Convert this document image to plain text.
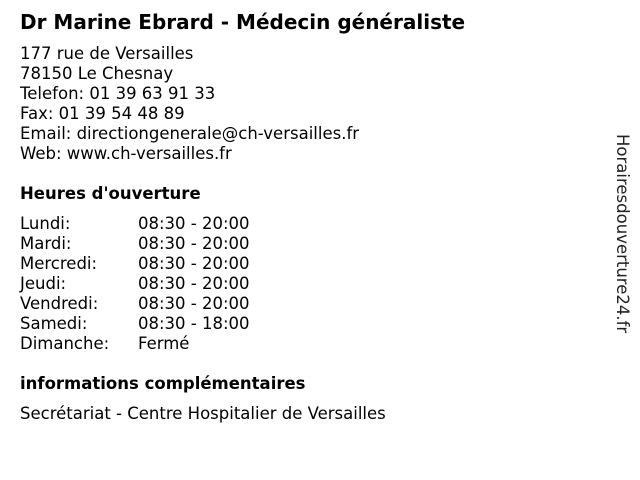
Dr Marine Ebrard - Médecin généraliste
177 rue de Versailles
78150 Le Chesnay
Telefon: 01 39 63 91 33
Fax: 01 39 54 48 89
Email: directiongenerale@ch-versailles.fr
Web: www.ch-versailles.fr
Heures d'ouverture
Lundi:	08:30 - 20:00
Mardi:	08:30 - 20:00
Mercredi: 08:30 - 20:00
Jeudi:	08:30 - 20:00
Vendredi: 08:30 - 20:00
Samedi:	08:30 - 18:00
Dimanche: Fermé
informations complémentaires
Secrétariat - Centre Hospitalier de Versailles
Horairesdouverture24.fr
